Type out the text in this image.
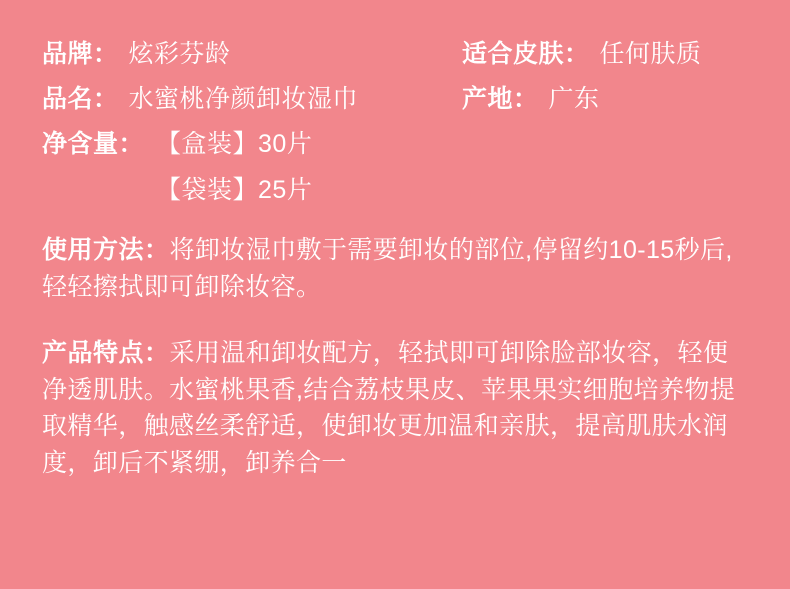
品牌： 炫彩芬龄	适合皮肤： 任何肤质
品名： 水蜜桃净颜卸妆湿巾	产地： 广东
净含量： 【盒装】30片
【袋装】25片

使用方法：将卸妆湿巾敷于需要卸妆的部位,停留约10-15秒后,轻轻擦拭即可卸除妆容。

产品特点：采用温和卸妆配方，轻拭即可卸除脸部妆容，轻便净透肌肤。水蜜桃果香,结合荔枝果皮、苹果果实细胞培养物提取精华，触感丝柔舒适，使卸妆更加温和亲肤，提高肌肤水润度，卸后不紧绷，卸养合一
